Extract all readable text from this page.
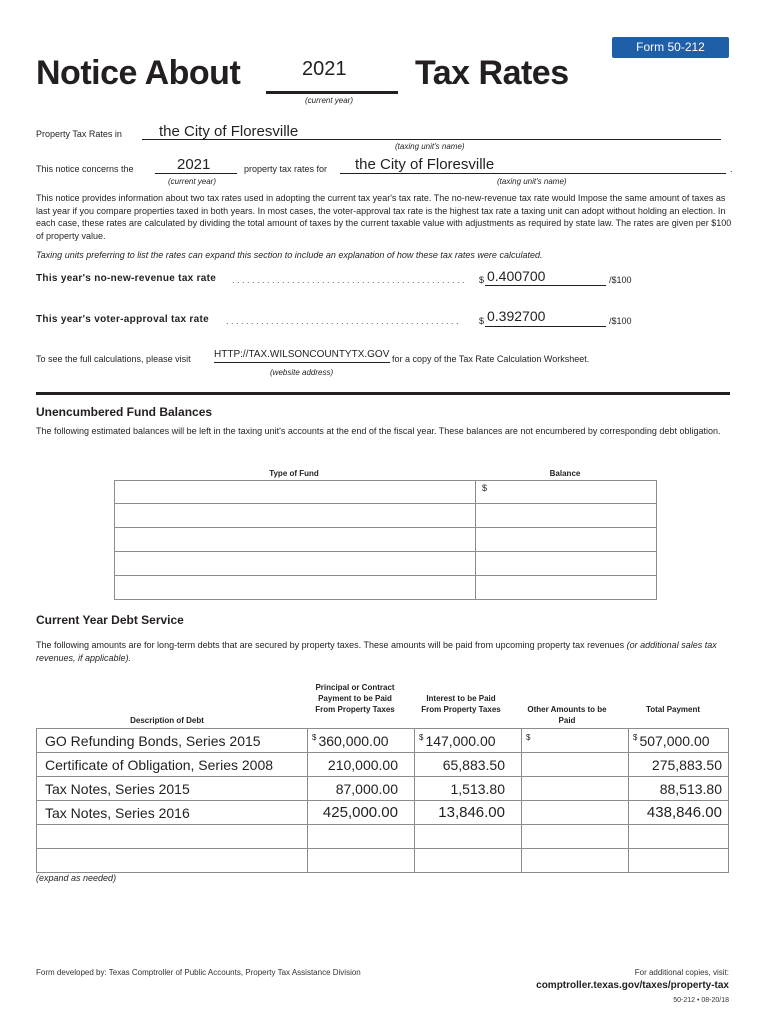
Form 50-212
Notice About	2021 Tax Rates
(current year)
Property Tax Rates in the City of Floresville
(taxing unit's name)
This notice concerns the	2021	property tax rates for the City of Floresville	.
(current year)	(taxing unit's name)
This notice provides information about two tax rates used in adopting the current tax year's tax rate. The no-new-revenue tax rate would Impose the same amount of taxes as last year if you compare properties taxed in both years. In most cases, the voter-approval tax rate is the highest tax rate a taxing unit can adopt without holding an election. In each case, these rates are calculated by dividing the total amount of taxes by the current taxable value with adjustments as required by state law. The rates are given per $100 of property value.
Taxing units preferring to list the rates can expand this section to include an explanation of how these tax rates were calculated.
This year's no-new-revenue tax rate . . . . . . . . . . . . . . . . . . . . . . . . . . . . . . . . . . . . . . . . . . . . . . .	$ 0.400700	/$100
This year's voter-approval tax rate . . . . . . . . . . . . . . . . . . . . . . . . . . . . . . . . . . . . . . . . . . . . . . .	$ 0.392700	/$100
To see the full calculations, please visit HTTP://TAX.WILSONCOUNTYTX.GOV for a copy of the Tax Rate Calculation Worksheet.
(website address)
Unencumbered Fund Balances
The following estimated balances will be left in the taxing unit's accounts at the end of the fiscal year. These balances are not encumbered by corresponding debt obligation.
Type of Fund	Balance
	$

Current Year Debt Service
The following amounts are for long-term debts that are secured by property taxes. These amounts will be paid from upcoming property tax revenues (or additional sales tax revenues, if applicable).
Description of Debt
Principal or Contract Payment to be Paid From Property Taxes
Interest to be Paid From Property Taxes	Other Amounts to be Paid
Total Payment
GO Refunding Bonds, Series 2015	$ 360,000.00	$ 147,000.00	$	$ 507,000.00
Certificate of Obligation, Series 2008	210,000.00	65,883.50		275,883.50
Tax Notes, Series 2015	87,000.00	1,513.80		88,513.80
Tax Notes, Series 2016	425,000.00	13,846.00		438,846.00

(expand as needed)
Form developed by: Texas Comptroller of Public Accounts, Property Tax Assistance Division	For additional copies, visit:
comptroller.texas.gov/taxes/property-tax
50-212 • 08-20/18
